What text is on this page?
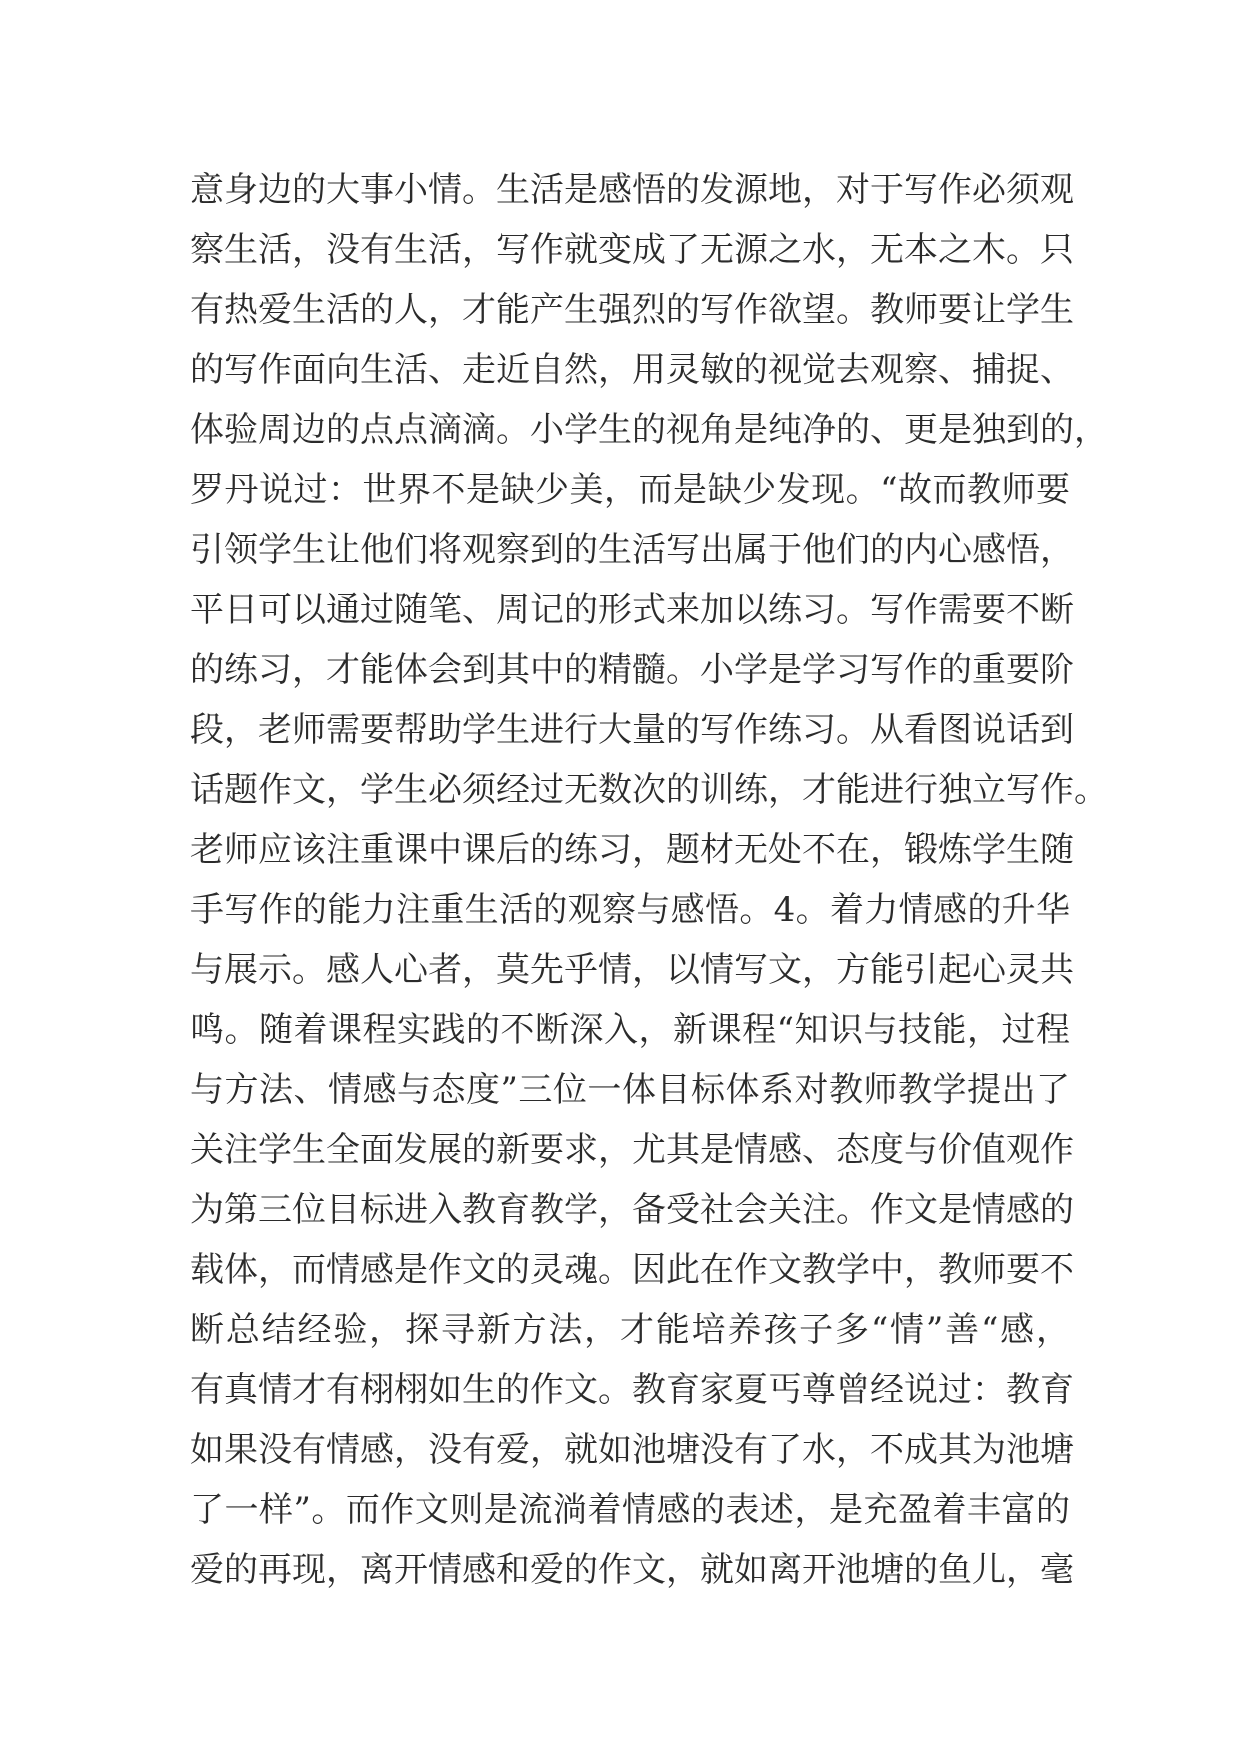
意身边的大事小情。生活是感悟的发源地，对于写作必须观
察生活，没有生活，写作就变成了无源之水，无本之木。只
有热爱生活的人，才能产生强烈的写作欲望。教师要让学生
的写作面向生活、走近自然，用灵敏的视觉去观察、捕捉、
体验周边的点点滴滴。小学生的视角是纯净的、更是独到的，
罗丹说过：世界不是缺少美，而是缺少发现。“故而教师要
引领学生让他们将观察到的生活写出属于他们的内心感悟，
平日可以通过随笔、周记的形式来加以练习。写作需要不断
的练习，才能体会到其中的精髓。小学是学习写作的重要阶
段，老师需要帮助学生进行大量的写作练习。从看图说话到
话题作文，学生必须经过无数次的训练，才能进行独立写作。
老师应该注重课中课后的练习，题材无处不在，锻炼学生随
手写作的能力注重生活的观察与感悟。4。着力情感的升华
与展示。感人心者，莫先乎情，以情写文，方能引起心灵共
鸣。随着课程实践的不断深入，新课程“知识与技能，过程
与方法、情感与态度”三位一体目标体系对教师教学提出了
关注学生全面发展的新要求，尤其是情感、态度与价值观作
为第三位目标进入教育教学，备受社会关注。作文是情感的
载体，而情感是作文的灵魂。因此在作文教学中，教师要不
断总结经验，探寻新方法，才能培养孩子多“情”善“感，
有真情才有栩栩如生的作文。教育家夏丐尊曾经说过：教育
如果没有情感，没有爱，就如池塘没有了水，不成其为池塘
了一样”。而作文则是流淌着情感的表述，是充盈着丰富的
爱的再现，离开情感和爱的作文，就如离开池塘的鱼儿，毫
